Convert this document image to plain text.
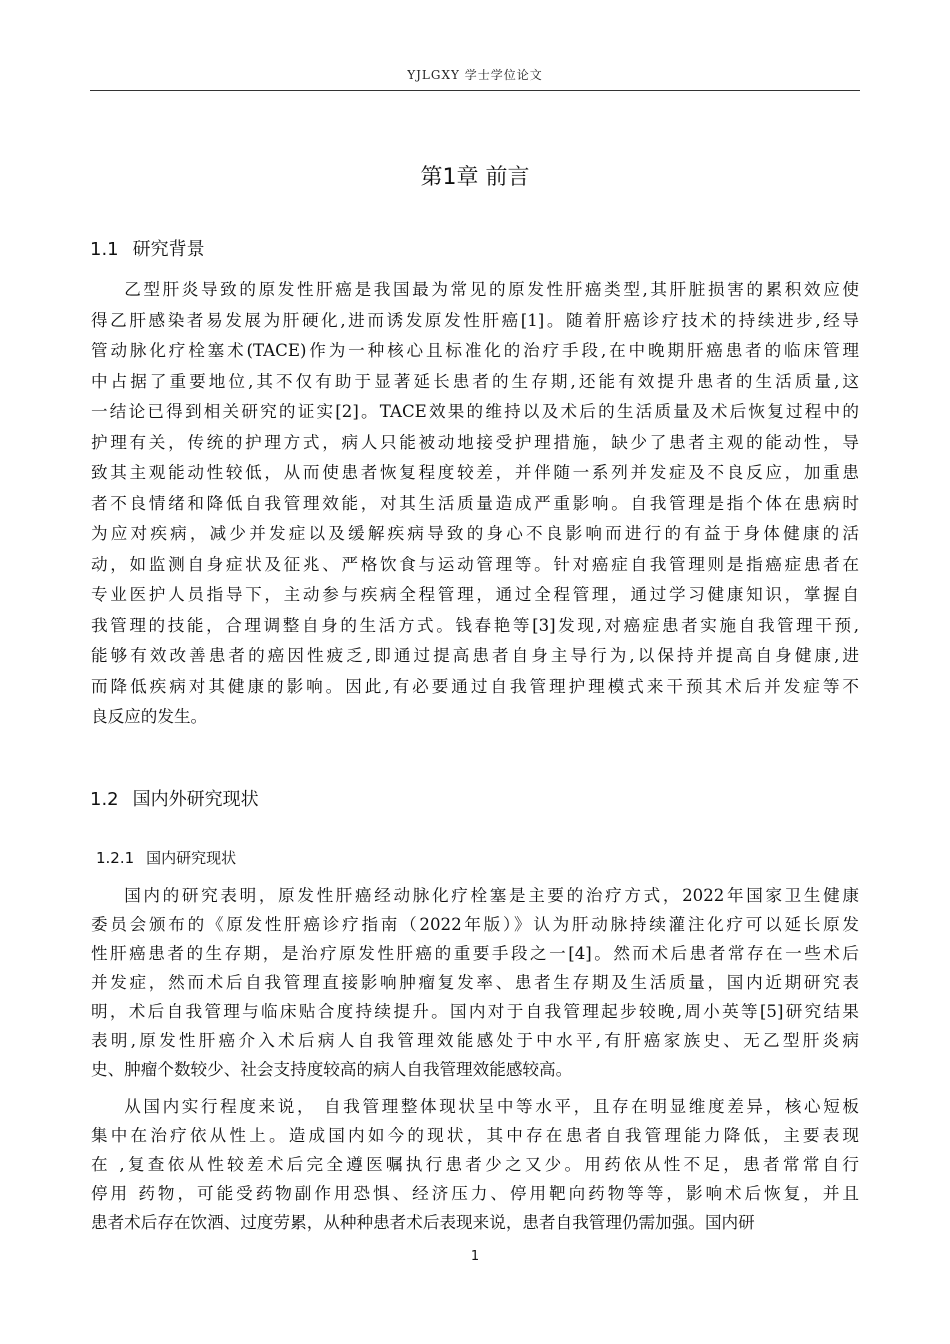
YJLGXY 学士学位论文
第1章 前言
1.1 研究背景
乙型肝炎导致的原发性肝癌是我国最为常见的原发性肝癌类型,其肝脏损害的累积效应使
得乙肝感染者易发展为肝硬化,进而诱发原发性肝癌[1]。随着肝癌诊疗技术的持续进步,经导
管动脉化疗栓塞术(TACE)作为一种核心且标准化的治疗手段,在中晚期肝癌患者的临床管理
中占据了重要地位,其不仅有助于显著延长患者的生存期,还能有效提升患者的生活质量,这
一结论已得到相关研究的证实[2]。TACE效果的维持以及术后的生活质量及术后恢复过程中的
护理有关，传统的护理方式，病人只能被动地接受护理措施，缺少了患者主观的能动性，导
致其主观能动性较低，从而使患者恢复程度较差，并伴随一系列并发症及不良反应，加重患
者不良情绪和降低自我管理效能，对其生活质量造成严重影响。自我管理是指个体在患病时
为应对疾病，减少并发症以及缓解疾病导致的身心不良影响而进行的有益于身体健康的活
动，如监测自身症状及征兆、严格饮食与运动管理等。针对癌症自我管理则是指癌症患者在
专业医护人员指导下，主动参与疾病全程管理，通过全程管理，通过学习健康知识，掌握自
我管理的技能，合理调整自身的生活方式。钱春艳等[3]发现,对癌症患者实施自我管理干预,
能够有效改善患者的癌因性疲乏,即通过提高患者自身主导行为,以保持并提高自身健康,进
而降低疾病对其健康的影响。因此,有必要通过自我管理护理模式来干预其术后并发症等不
良反应的发生。
1.2 国内外研究现状
1.2.1 国内研究现状
国内的研究表明，原发性肝癌经动脉化疗栓塞是主要的治疗方式，2022年国家卫生健康
委员会颁布的《原发性肝癌诊疗指南（2022年版）》认为肝动脉持续灌注化疗可以延长原发
性肝癌患者的生存期，是治疗原发性肝癌的重要手段之一[4]。然而术后患者常存在一些术后
并发症，然而术后自我管理直接影响肿瘤复发率、患者生存期及生活质量，国内近期研究表
明，术后自我管理与临床贴合度持续提升。国内对于自我管理起步较晚,周小英等[5]研究结果
表明,原发性肝癌介入术后病人自我管理效能感处于中水平,有肝癌家族史、无乙型肝炎病
史、肿瘤个数较少、社会支持度较高的病人自我管理效能感较高。
从国内实行程度来说， 自我管理整体现状呈中等水平，且存在明显维度差异，核心短板
集中在治疗依从性上。造成国内如今的现状，其中存在患者自我管理能力降低，主要表现
在 ,复查依从性较差术后完全遵医嘱执行患者少之又少。用药依从性不足，患者常常自行
停用 药物，可能受药物副作用恐惧、经济压力、停用靶向药物等等，影响术后恢复，并且
患者术后存在饮酒、过度劳累，从种种患者术后表现来说，患者自我管理仍需加强。国内研
1
